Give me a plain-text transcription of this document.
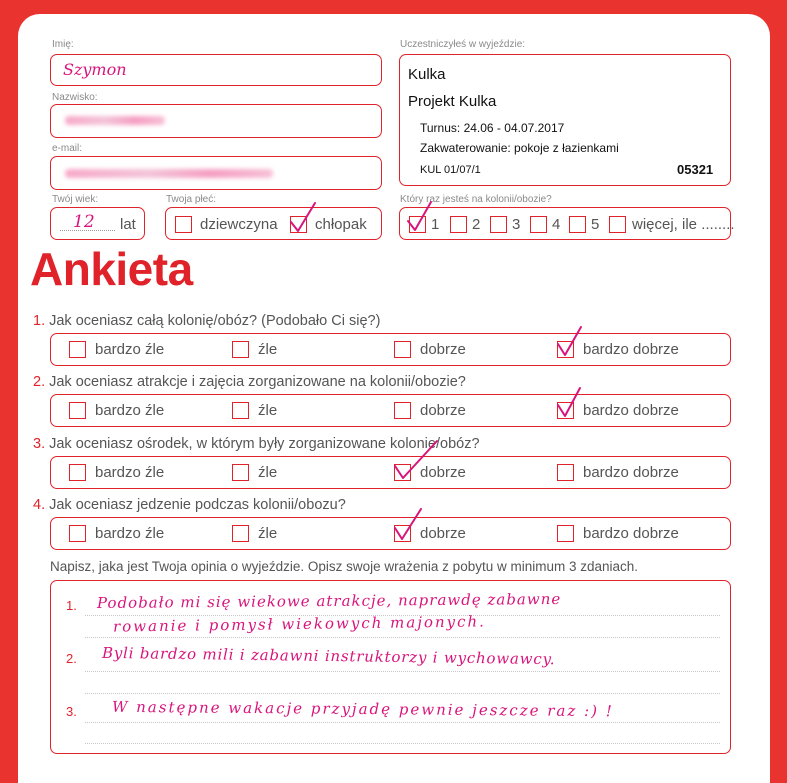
Imię:
Szymon
Nazwisko:
e-mail:
Twój wiek:
12 lat
Twoja płeć:
dziewczyna chłopak
Uczestniczyłeś w wyjeździe:
Kulka
Projekt Kulka
Turnus: 24.06 - 04.07.2017
Zakwaterowanie: pokoje z łazienkami
KUL 01/07/1	05321
Który raz jesteś na kolonii/obozie?
1 2 3 4 5 więcej, ile ........
Ankieta
1. Jak oceniasz całą kolonię/obóz? (Podobało Ci się?)
bardzo źle	źle	dobrze	bardzo dobrze
2. Jak oceniasz atrakcje i zajęcia zorganizowane na kolonii/obozie?
bardzo źle	źle	dobrze	bardzo dobrze
3. Jak oceniasz ośrodek, w którym były zorganizowane kolonie/obóz?
bardzo źle	źle	dobrze	bardzo dobrze
4. Jak oceniasz jedzenie podczas kolonii/obozu?
bardzo źle	źle	dobrze	bardzo dobrze
Napisz, jaka jest Twoja opinia o wyjeździe. Opisz swoje wrażenia z pobytu w minimum 3 zdaniach.
1.
2.
3.
Podobało mi się wiekowe atrakcje, naprawdę zabawne
rowanie i pomysł wiekowych majonych.
Byli bardzo mili i zabawni instruktorzy i wychowawcy.
W następne wakacje przyjadę pewnie jeszcze raz :) !
